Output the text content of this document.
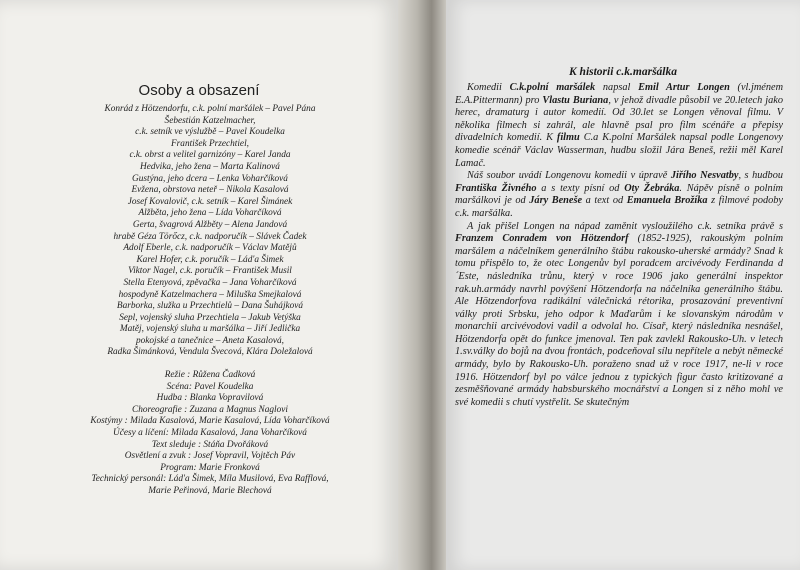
Osoby a obsazení
Konrád z Hötzendorfu, c.k. polní maršálek – Pavel Pána
Šebestián Katzelmacher,
c.k. setník ve výslužbě – Pavel Koudelka
František Przechtiel,
c.k. obrst a velitel garnizóny – Karel Janda
Hedvika, jeho žena – Marta Kalinová
Gustýna, jeho dcera – Lenka Voharčíková
Evžena, obrstova neteř – Nikola Kasalová
Josef Kovalovič, c.k. setník – Karel Šimánek
Alžběta, jeho žena – Lída Voharčíková
Gerta, švagrová Alžběty – Alena Jandová
hrabě Géza Törőcz, c.k. nadporučík – Slávek Čadek
Adolf Eberle, c.k. nadporučík – Václav Matějů
Karel Hofer, c.k. poručík – Lád'a Šimek
Viktor Nagel, c.k. poručík – František Musil
Stella Etenyová, zpěvačka – Jana Voharčíková
hospodyně Katzelmachera – Miluška Smejkalová
Barborka, služka u Przechtielů – Dana Šuhájková
Sepl, vojenský sluha Przechtiela – Jakub Vetýška
Matěj, vojenský sluha u maršálka – Jiří Jedlička
pokojské a tanečnice – Aneta Kasalová,
Radka Šimánková, Vendula Švecová, Klára Doležalová
Režie : Růžena Čadková
Scéna: Pavel Koudelka
Hudba : Blanka Vopravilová
Choreografie : Zuzana a Magnus Naglovi
Kostýmy : Milada Kasalová, Marie Kasalová, Lída Voharčíková
Účesy a líčení: Milada Kasalová, Jana Voharčíková
Text sleduje : Stáňa Dvořáková
Osvětlení a zvuk : Josef Vopravil, Vojtěch Páv
Program: Marie Fronková
Technický personál: Lád'a Šimek, Míla Musilová, Eva Rafflová,
Marie Peřinová, Marie Blechová
K historii c.k.maršálka

Komedii C.k.polní maršálek napsal Emil Artur Longen (vl.jménem E.A.Pittermann) pro Vlastu Buriana, v jehož divadle působil ve 20.letech jako herec, dramaturg i autor komedií. Od 30.let se Longen věnoval filmu. V několika filmech si zahrál, ale hlavně psal pro film scénáře a přepisy divadelních komedií. K filmu C.a K.polní Maršálek napsal podle Longenovy komedie scénář Václav Wasserman, hudbu složil Jára Beneš, režii měl Karel Lamač.

Náš soubor uvádí Longenovu komedii v úpravě Jiřího Nesvatby, s hudbou Františka Živného a s texty písní od Oty Žebráka. Nápěv písně o polním maršálkovi je od Járy Beneše a text od Emanuela Brožíka z filmové podoby c.k. maršálka.

A jak přišel Longen na nápad zaměnit vysloužilého c.k. setníka právě s Franzem Conradem von Hötzendorf (1852-1925), rakouským polním maršálem a náčelníkem generálního štábu rakousko-uherské armády? Snad k tomu přispělo to, že otec Longenův byl poradcem arcivévody Ferdinanda d´Este, následníka trůnu, který v roce 1906 jako generální inspektor rak.uh.armády navrhl povýšení Hötzendorfa na náčelníka generálního štábu. Ale Hötzendorfova radikální válečnická rétorika, prosazování preventivní války proti Srbsku, jeho odpor k Maďarům i ke slovanským národům v monarchii arcivévodovi vadil a odvolal ho. Císař, který následníka nesnášel, Hötzendorfa opět do funkce jmenoval. Ten pak zavlekl Rakousko-Uh. v letech 1.sv.války do bojů na dvou frontách, podceňoval sílu nepřítele a nebýt německé armády, bylo by Rakousko-Uh. poraženo snad už v roce 1917, ne-li v roce 1916. Hötzendorf byl po válce jednou z typických figur často kritizované a zesměšňované armády habsburského mocnářství a Longen si z něho mohl ve své komedii s chutí vystřelit. Se skutečným
